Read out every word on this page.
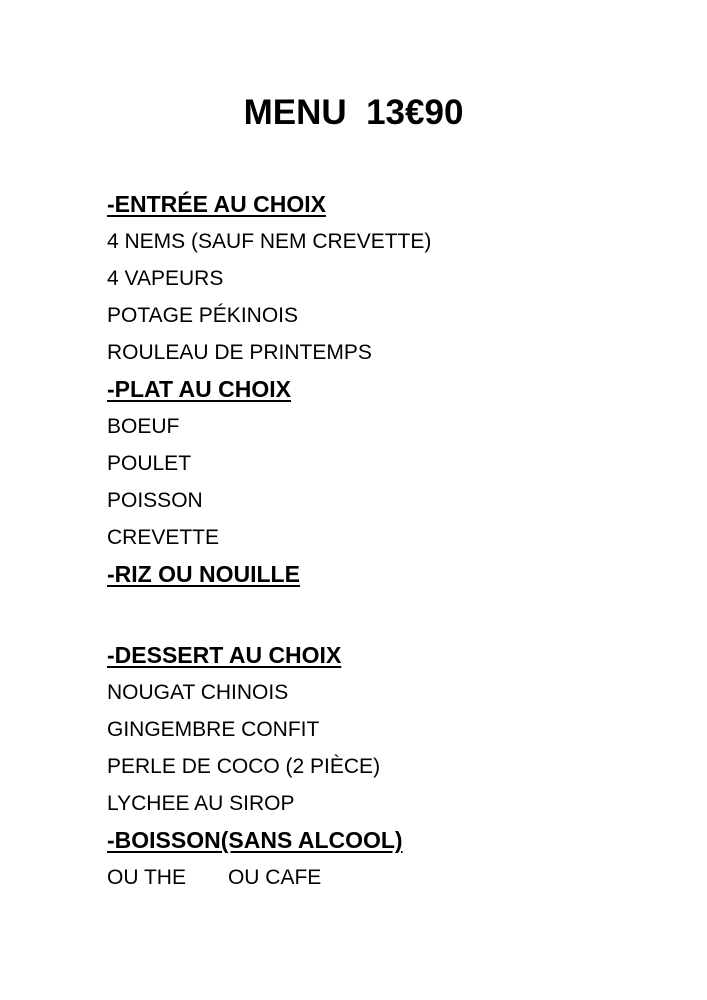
MENU  13€90
-ENTRÉE AU CHOIX
4 NEMS (SAUF NEM CREVETTE)
4 VAPEURS
POTAGE PÉKINOIS
ROULEAU DE PRINTEMPS
-PLAT AU CHOIX
BOEUF
POULET
POISSON
CREVETTE
-RIZ OU NOUILLE
-DESSERT AU CHOIX
NOUGAT CHINOIS
GINGEMBRE CONFIT
PERLE DE COCO (2 PIÈCE)
LYCHEE AU SIROP
-BOISSON(SANS ALCOOL)
OU THE OU CAFE
